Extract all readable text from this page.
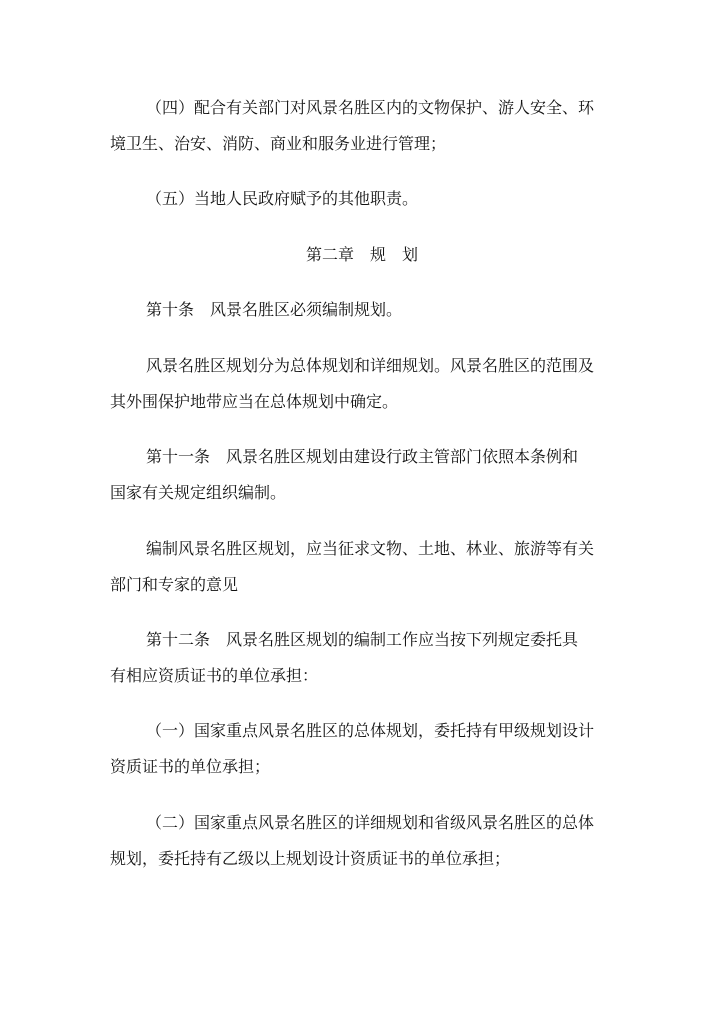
（四）配合有关部门对风景名胜区内的文物保护、游人安全、环
境卫生、治安、消防、商业和服务业进行管理；
（五）当地人民政府赋予的其他职责。
第二章　规　划
第十条　风景名胜区必须编制规划。
风景名胜区规划分为总体规划和详细规划。风景名胜区的范围及
其外围保护地带应当在总体规划中确定。
第十一条　风景名胜区规划由建设行政主管部门依照本条例和
国家有关规定组织编制。
编制风景名胜区规划，应当征求文物、土地、林业、旅游等有关
部门和专家的意见
第十二条　风景名胜区规划的编制工作应当按下列规定委托具
有相应资质证书的单位承担：
（一）国家重点风景名胜区的总体规划，委托持有甲级规划设计
资质证书的单位承担；
（二）国家重点风景名胜区的详细规划和省级风景名胜区的总体
规划，委托持有乙级以上规划设计资质证书的单位承担；
